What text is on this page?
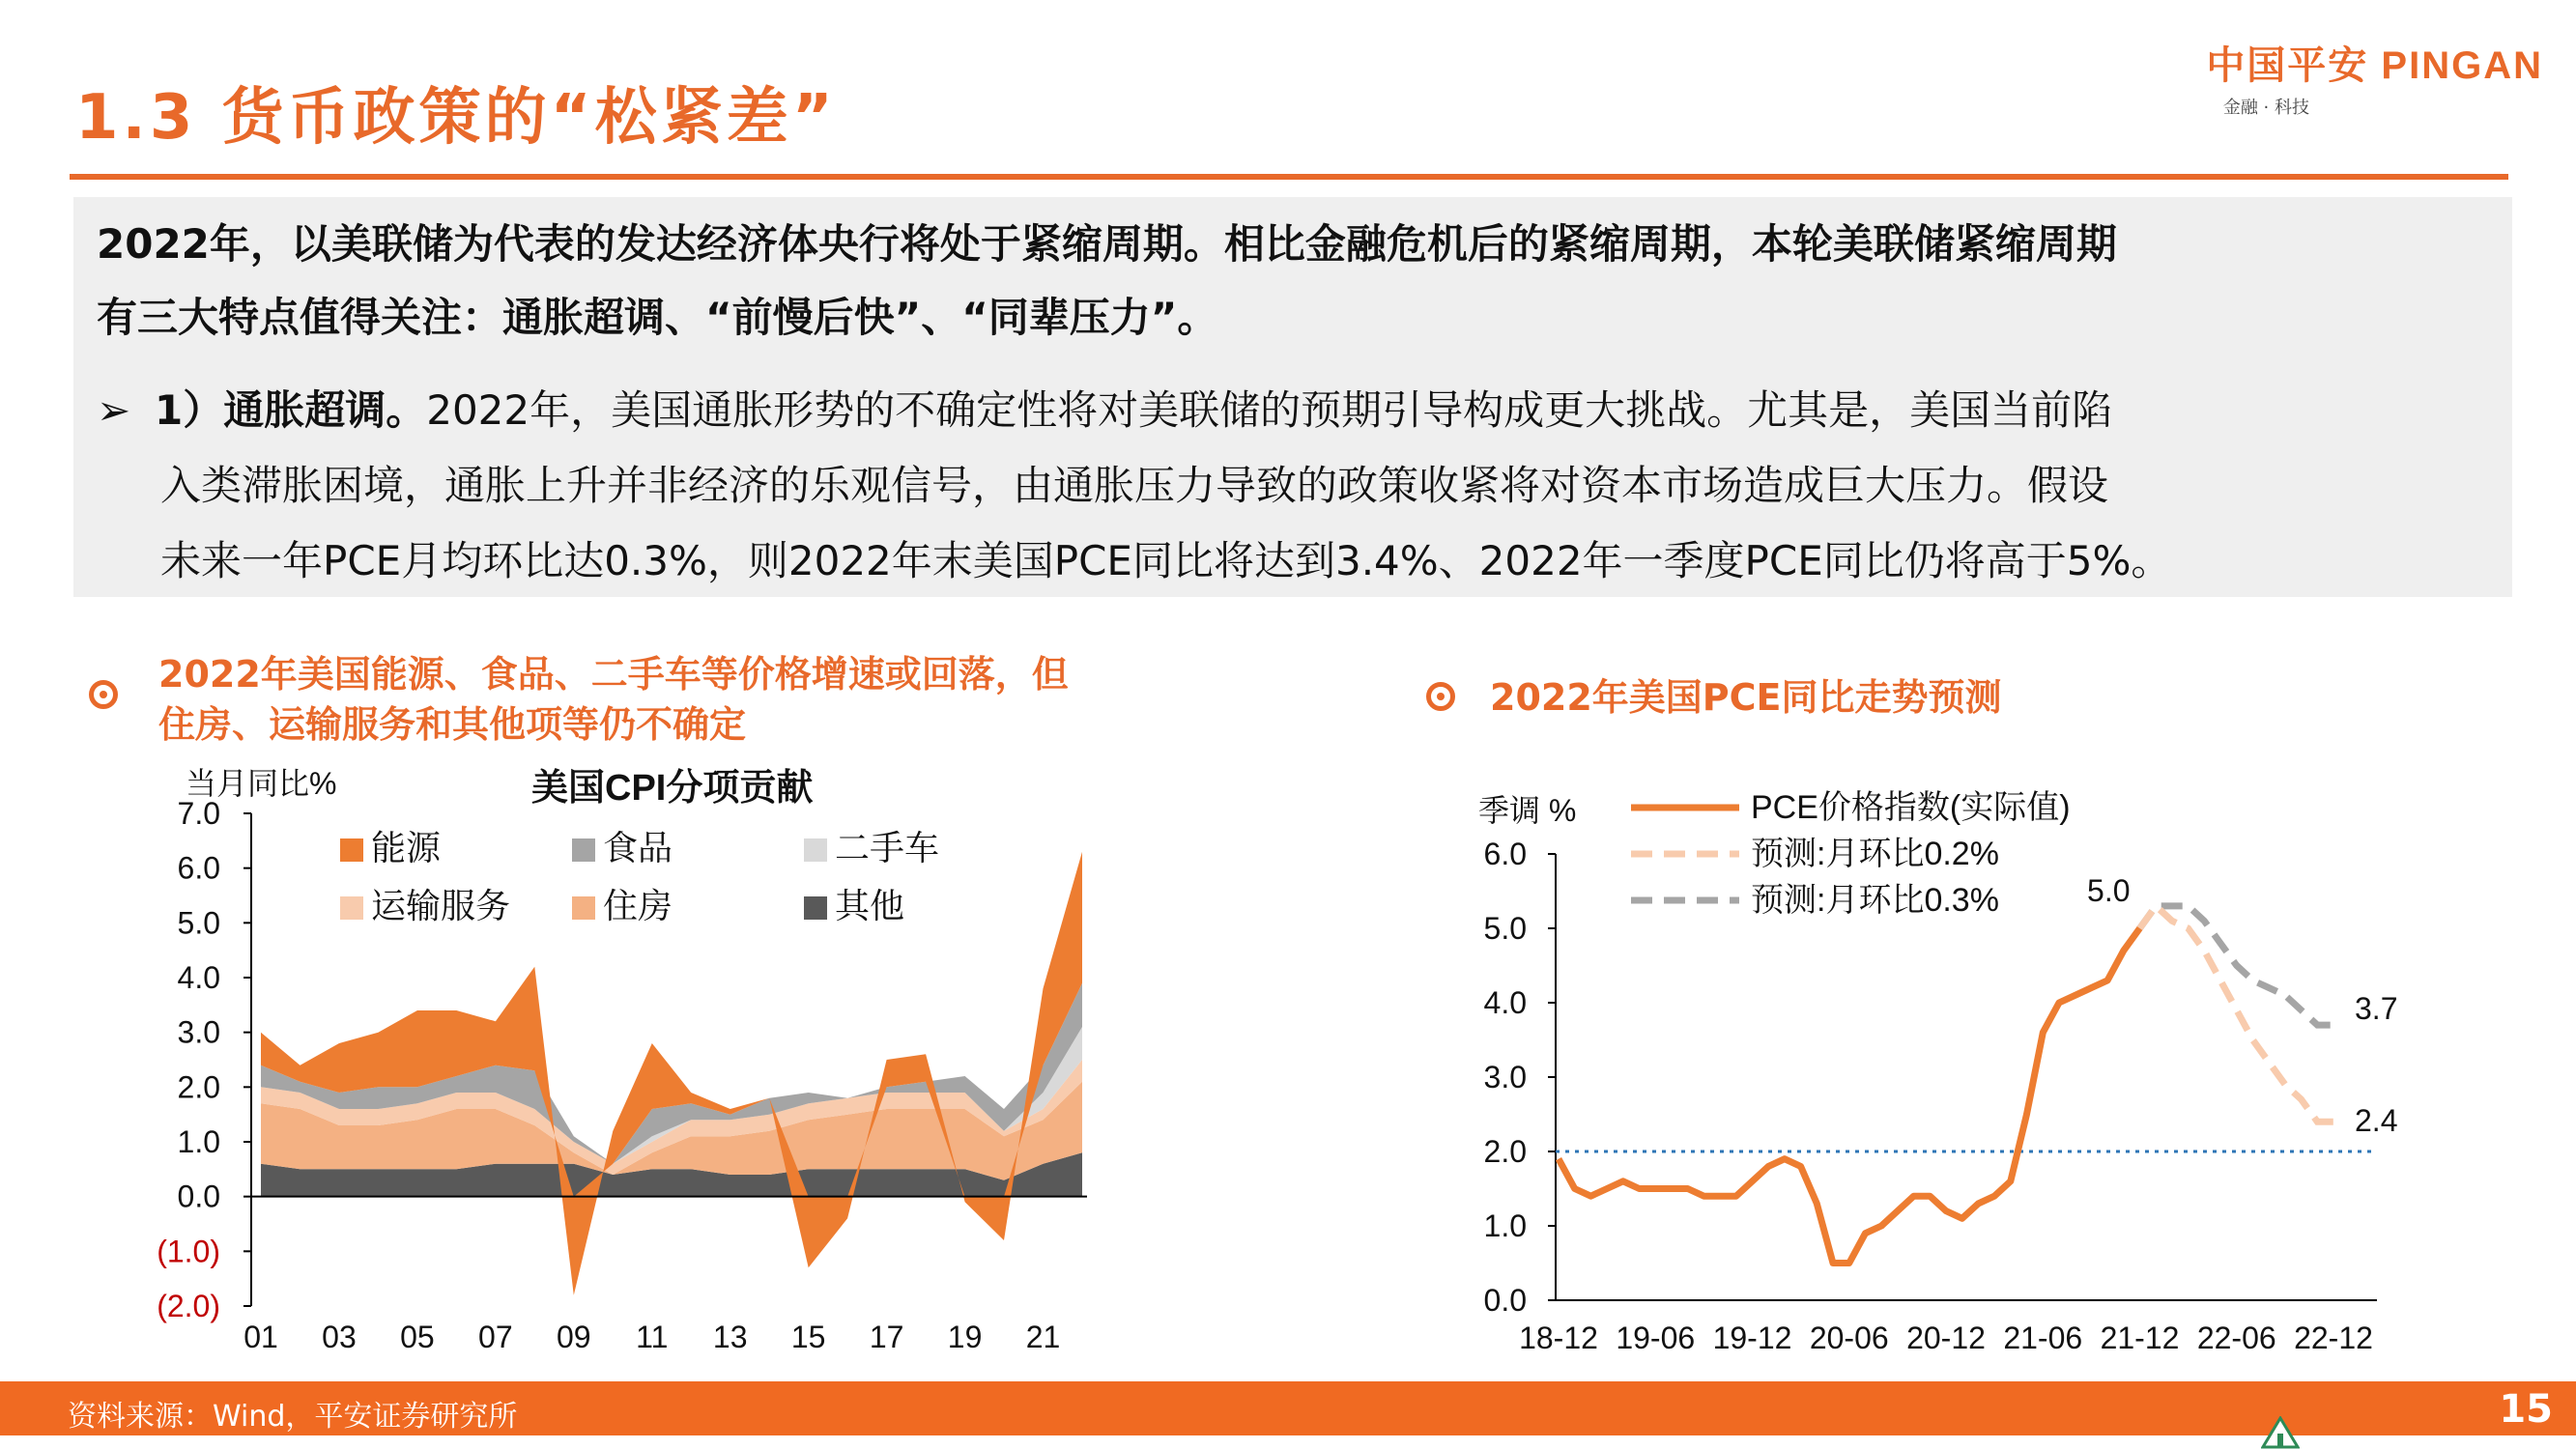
1.3 货币政策的“松紧差”
中国平安 PINGAN
金融 · 科技
2022年，以美联储为代表的发达经济体央行将处于紧缩周期。相比金融危机后的紧缩周期，本轮美联储紧缩周期
有三大特点值得关注：通胀超调、“前慢后快”、“同辈压力”。
➢ 1）通胀超调。2022年，美国通胀形势的不确定性将对美联储的预期引导构成更大挑战。尤其是，美国当前陷
入类滞胀困境，通胀上升并非经济的乐观信号，由通胀压力导致的政策收紧将对资本市场造成巨大压力。假设
未来一年PCE月均环比达0.3%，则2022年末美国PCE同比将达到3.4%、2022年一季度PCE同比仍将高于5%。
2022年美国能源、食品、二手车等价格增速或回落，但
住房、运输服务和其他项等仍不确定
2022年美国PCE同比走势预测
美国CPI分项贡献
当月同比%
7.0
6.0
5.0
4.0
3.0
2.0
1.0
0.0
(1.0)
(2.0)
01 03 05 07 09 11 13 15 17 19 21
能源	食品	二手车
运输服务	住房	其他
季调 %
6.0
5.0
4.0
3.0
2.0
1.0
0.0
18-12 19-06 19-12 20-06 20-12 21-06 21-12 22-06 22-12
PCE价格指数(实际值)
预测:月环比0.2%
预测:月环比0.3%	5.0
3.7
2.4
资料来源：Wind，平安证券研究所	15
